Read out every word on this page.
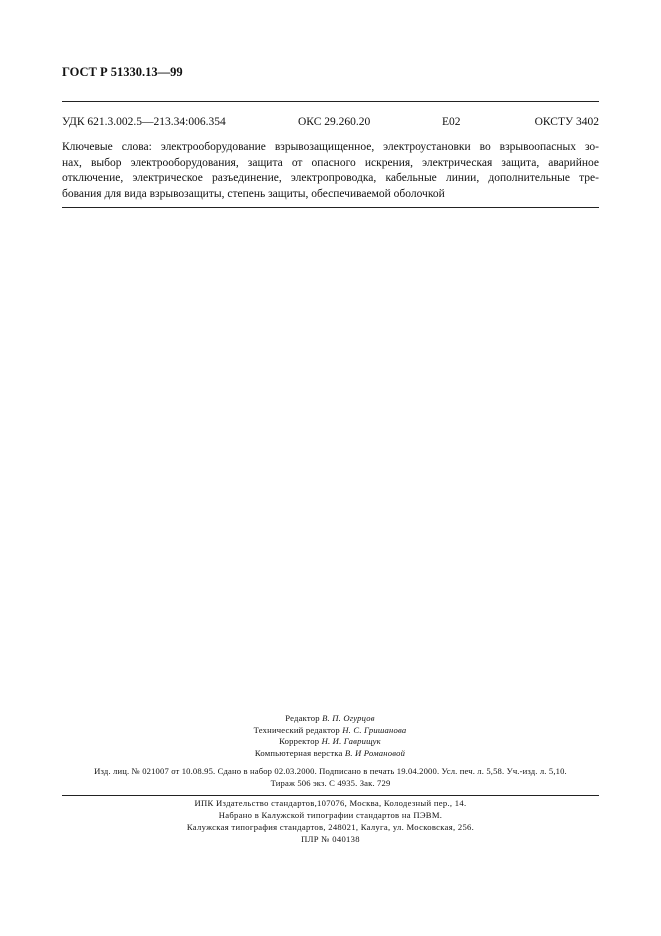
ГОСТ Р 51330.13—99
УДК 621.3.002.5—213.34:006.354	ОКС 29.260.20	Е02	ОКСТУ 3402
Ключевые слова: электрооборудование взрывозащищенное, электроустановки во взрывоопасных зо-
нах, выбор электрооборудования, защита от опасного искрения, электрическая защита, аварийное
отключение, электрическое разъединение, электропроводка, кабельные линии, дополнительные тре-
бования для вида взрывозащиты, степень защиты, обеспечиваемой оболочкой
Редактор В. П. Огурцов
Технический редактор Н. С. Гришанова
Корректор Н. И. Гаврищук
Компьютерная верстка В. И Романовой
Изд. лиц. № 021007 от 10.08.95. Сдано в набор 02.03.2000. Подписано в печать 19.04.2000. Усл. печ. л. 5,58. Уч.-изд. л. 5,10.
Тираж 506 экз. С 4935. Зак. 729
ИПК Издательство стандартов,107076, Москва, Колодезный пер., 14.
Набрано в Калужской типографии стандартов на ПЭВМ.
Калужская типография стандартов, 248021, Калуга, ул. Московская, 256.
ПЛР № 040138
